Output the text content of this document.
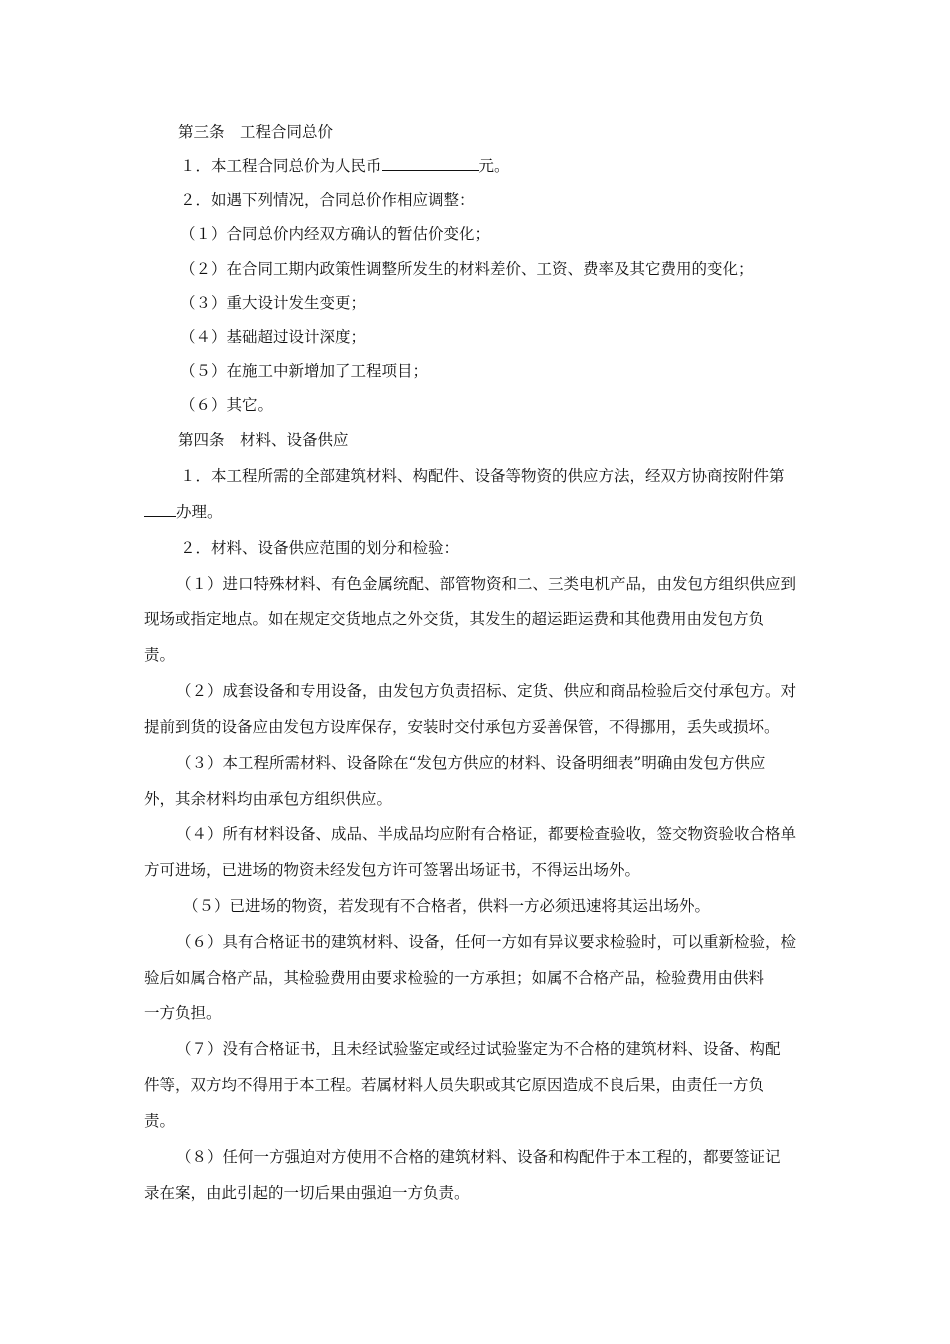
第三条　工程合同总价
１．本工程合同总价为人民币	元。
２．如遇下列情况，合同总价作相应调整：
（１）合同总价内经双方确认的暂估价变化；
（２）在合同工期内政策性调整所发生的材料差价、工资、费率及其它费用的变化；
（３）重大设计发生变更；
（４）基础超过设计深度；
（５）在施工中新增加了工程项目；
（６）其它。
第四条　材料、设备供应
１．本工程所需的全部建筑材料、构配件、设备等物资的供应方法，经双方协商按附件第
办理。
２．材料、设备供应范围的划分和检验：
（１）进口特殊材料、有色金属统配、部管物资和二、三类电机产品，由发包方组织供应到
现场或指定地点。如在规定交货地点之外交货，其发生的超运距运费和其他费用由发包方负
责。
（２）成套设备和专用设备，由发包方负责招标、定货、供应和商品检验后交付承包方。对
提前到货的设备应由发包方设库保存，安装时交付承包方妥善保管，不得挪用，丢失或损坏。
（３）本工程所需材料、设备除在“发包方供应的材料、设备明细表”明确由发包方供应
外，其余材料均由承包方组织供应。
（４）所有材料设备、成品、半成品均应附有合格证，都要检查验收，签交物资验收合格单
方可进场，已进场的物资未经发包方许可签署出场证书，不得运出场外。
（５）已进场的物资，若发现有不合格者，供料一方必须迅速将其运出场外。
（６）具有合格证书的建筑材料、设备，任何一方如有异议要求检验时，可以重新检验，检
验后如属合格产品，其检验费用由要求检验的一方承担；如属不合格产品，检验费用由供料
一方负担。
（７）没有合格证书，且未经试验鉴定或经过试验鉴定为不合格的建筑材料、设备、构配
件等，双方均不得用于本工程。若属材料人员失职或其它原因造成不良后果，由责任一方负
责。
（８）任何一方强迫对方使用不合格的建筑材料、设备和构配件于本工程的，都要签证记
录在案，由此引起的一切后果由强迫一方负责。
